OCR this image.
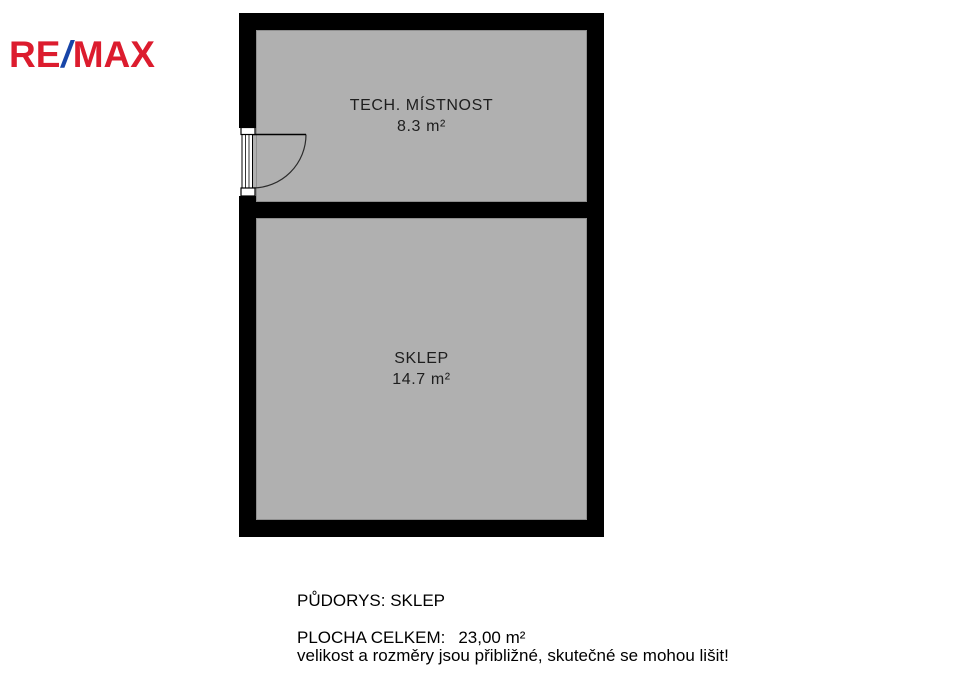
RE/MAX
TECH. MÍSTNOST
8.3 m²
SKLEP
14.7 m²
PŮDORYS: SKLEP
PLOCHA CELKEM: 23,00 m²
velikost a rozměry jsou přibližné, skutečné se mohou lišit!
